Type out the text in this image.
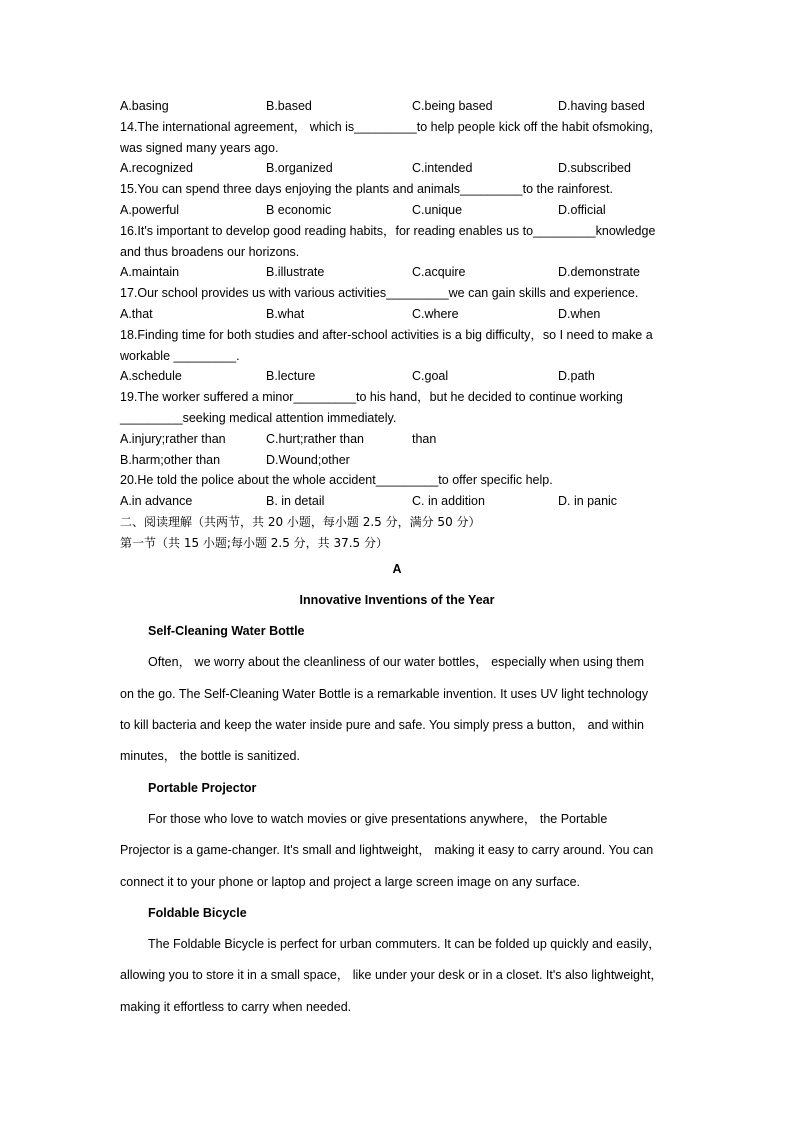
A.basing	B.based	C.being based	D.having based
14.The international agreement， which is_________to help people kick off the habit ofsmoking，
was signed many years ago.
A.recognized	B.organized	C.intended	D.subscribed
15.You can spend three days enjoying the plants and animals_________to the rainforest.
A.powerful	B economic	C.unique	D.official
16.It's important to develop good reading habits，for reading enables us to_________knowledge
and thus broadens our horizons.
A.maintain	B.illustrate	C.acquire	D.demonstrate
17.Our school provides us with various activities_________we can gain skills and experience.
A.that	B.what	C.where	D.when
18.Finding time for both studies and after-school activities is a big difficulty，so I need to make a
workable _________.
A.schedule	B.lecture	C.goal	D.path
19.The worker suffered a minor_________to his hand，but he decided to continue working
_________seeking medical attention immediately.
A.injury;rather than	C.hurt;rather than	than
B.harm;other than	D.Wound;other
20.He told the police about the whole accident_________to offer specific help.
A.in advance	B. in detail	C. in addition	D. in panic
二、阅读理解（共两节，共 20 小题，每小题 2.5 分，满分 50 分）
第一节（共 15 小题;每小题 2.5 分，共 37.5 分）
A
Innovative Inventions of the Year
Self-Cleaning Water Bottle
Often， we worry about the cleanliness of our water bottles， especially when using them
on the go. The Self-Cleaning Water Bottle is a remarkable invention. It uses UV light technology
to kill bacteria and keep the water inside pure and safe. You simply press a button， and within
minutes， the bottle is sanitized.
Portable Projector
For those who love to watch movies or give presentations anywhere， the Portable
Projector is a game-changer. It's small and lightweight， making it easy to carry around. You can
connect it to your phone or laptop and project a large screen image on any surface.
Foldable Bicycle
The Foldable Bicycle is perfect for urban commuters. It can be folded up quickly and easily，
allowing you to store it in a small space， like under your desk or in a closet. It's also lightweight，
making it effortless to carry when needed.
